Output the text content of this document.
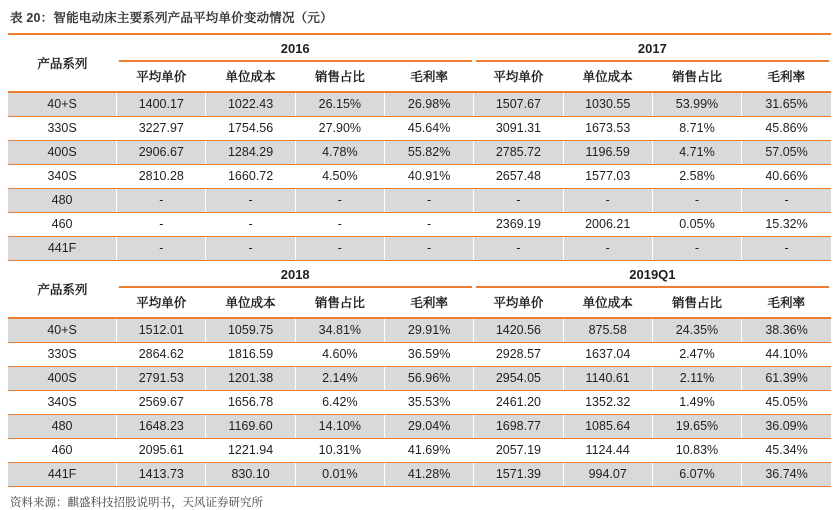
表 20：智能电动床主要系列产品平均单价变动情况（元）
产品系列	2016				2017			

	平均单价	单位成本	销售占比	毛利率	平均单价	单位成本	销售占比	毛利率
40+S	1400.17	1022.43	26.15%	26.98%	1507.67	1030.55	53.99%	31.65%
330S	3227.97	1754.56	27.90%	45.64%	3091.31	1673.53	8.71%	45.86%
400S	2906.67	1284.29	4.78%	55.82%	2785.72	1196.59	4.71%	57.05%
340S	2810.28	1660.72	4.50%	40.91%	2657.48	1577.03	2.58%	40.66%
480	-	-	-	-	-	-	-	-
460	-	-	-	-	2369.19	2006.21	0.05%	15.32%
441F	-	-	-	-	-	-	-	-
产品系列	2018				2019Q1			

	平均单价	单位成本	销售占比	毛利率	平均单价	单位成本	销售占比	毛利率
40+S	1512.01	1059.75	34.81%	29.91%	1420.56	875.58	24.35%	38.36%
330S	2864.62	1816.59	4.60%	36.59%	2928.57	1637.04	2.47%	44.10%
400S	2791.53	1201.38	2.14%	56.96%	2954.05	1140.61	2.11%	61.39%
340S	2569.67	1656.78	6.42%	35.53%	2461.20	1352.32	1.49%	45.05%
480	1648.23	1169.60	14.10%	29.04%	1698.77	1085.64	19.65%	36.09%
460	2095.61	1221.94	10.31%	41.69%	2057.19	1124.44	10.83%	45.34%
441F	1413.73	830.10	0.01%	41.28%	1571.39	994.07	6.07%	36.74%
资料来源：麒盛科技招股说明书，天风证券研究所
